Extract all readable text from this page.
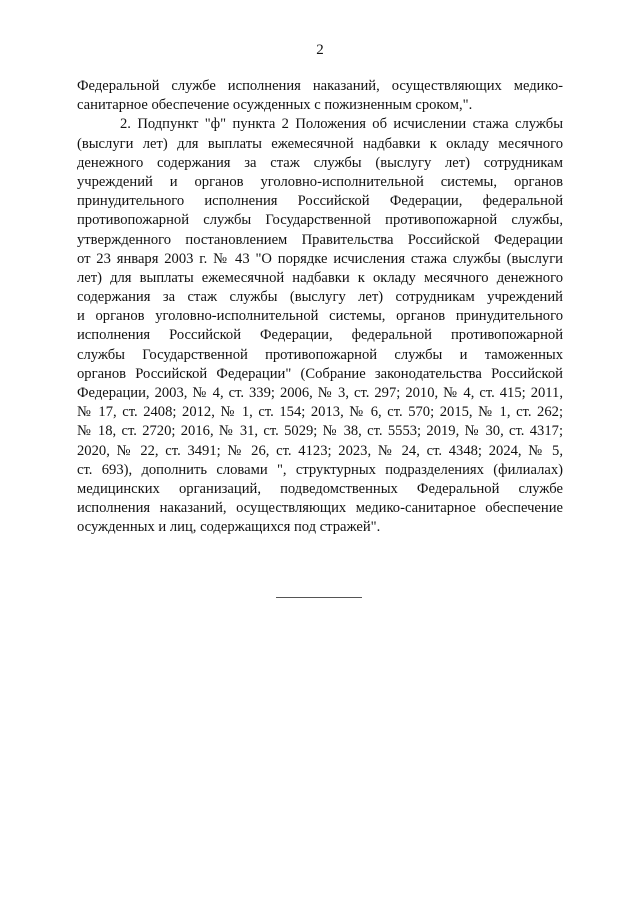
2
Федеральной службе исполнения наказаний, осуществляющих медико-
санитарное обеспечение осужденных с пожизненным сроком,".
2. Подпункт "ф" пункта 2 Положения об исчислении стажа службы
(выслуги лет) для выплаты ежемесячной надбавки к окладу месячного
денежного содержания за стаж службы (выслугу лет) сотрудникам
учреждений и органов уголовно-исполнительной системы, органов
принудительного исполнения Российской Федерации, федеральной
противопожарной службы Государственной противопожарной службы,
утвержденного постановлением Правительства Российской Федерации
от 23 января 2003 г. № 43 "О порядке исчисления стажа службы (выслуги
лет) для выплаты ежемесячной надбавки к окладу месячного денежного
содержания за стаж службы (выслугу лет) сотрудникам учреждений
и органов уголовно-исполнительной системы, органов принудительного
исполнения Российской Федерации, федеральной противопожарной
службы Государственной противопожарной службы и таможенных
органов Российской Федерации" (Собрание законодательства Российской
Федерации, 2003, № 4, ст. 339; 2006, № 3, ст. 297; 2010, № 4, ст. 415; 2011,
№ 17, ст. 2408; 2012, № 1, ст. 154; 2013, № 6, ст. 570; 2015, № 1, ст. 262;
№ 18, ст. 2720; 2016, № 31, ст. 5029; № 38, ст. 5553; 2019, № 30, ст. 4317;
2020, № 22, ст. 3491; № 26, ст. 4123; 2023, № 24, ст. 4348; 2024, № 5,
ст. 693), дополнить словами ", структурных подразделениях (филиалах)
медицинских организаций, подведомственных Федеральной службе
исполнения наказаний, осуществляющих медико-санитарное обеспечение
осужденных и лиц, содержащихся под стражей".
